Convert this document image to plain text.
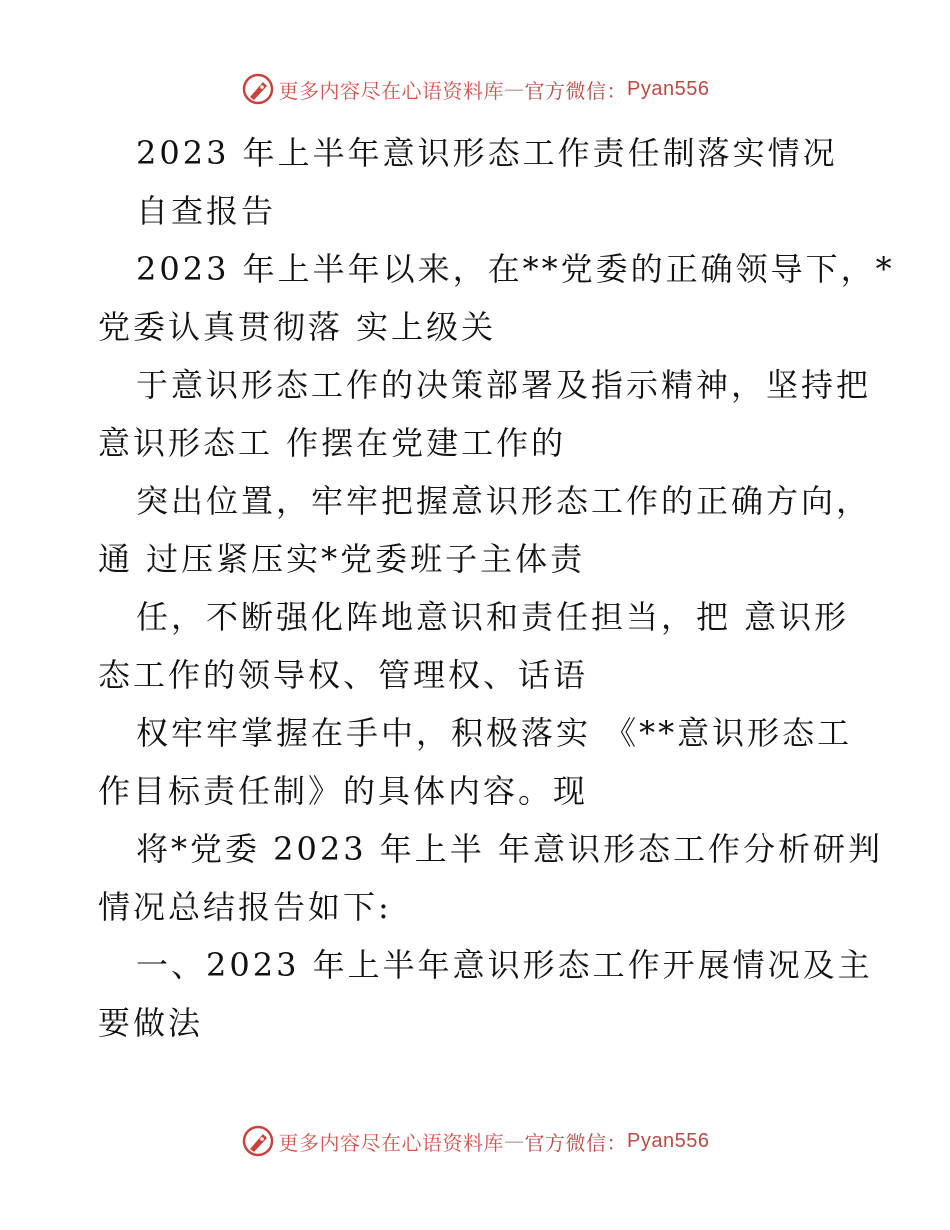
更多内容尽在心语资料库 — 官方微信： Pyan556
2023 年上半年意识形态工作责任制落实情况
自查报告
2023 年上半年以来，在**党委的正确领导下，*
党委认真贯彻落 实上级关
于意识形态工作的决策部署及指示精神，坚持把
意识形态工 作摆在党建工作的
突出位置，牢牢把握意识形态工作的正确方向，
通 过压紧压实*党委班子主体责
任，不断强化阵地意识和责任担当，把 意识形
态工作的领导权、管理权、话语
权牢牢掌握在手中，积极落实 《**意识形态工
作目标责任制》的具体内容。现
将*党委 2023 年上半 年意识形态工作分析研判
情况总结报告如下:
一、2023 年上半年意识形态工作开展情况及主
要做法
更多内容尽在心语资料库 — 官方微信： Pyan556
